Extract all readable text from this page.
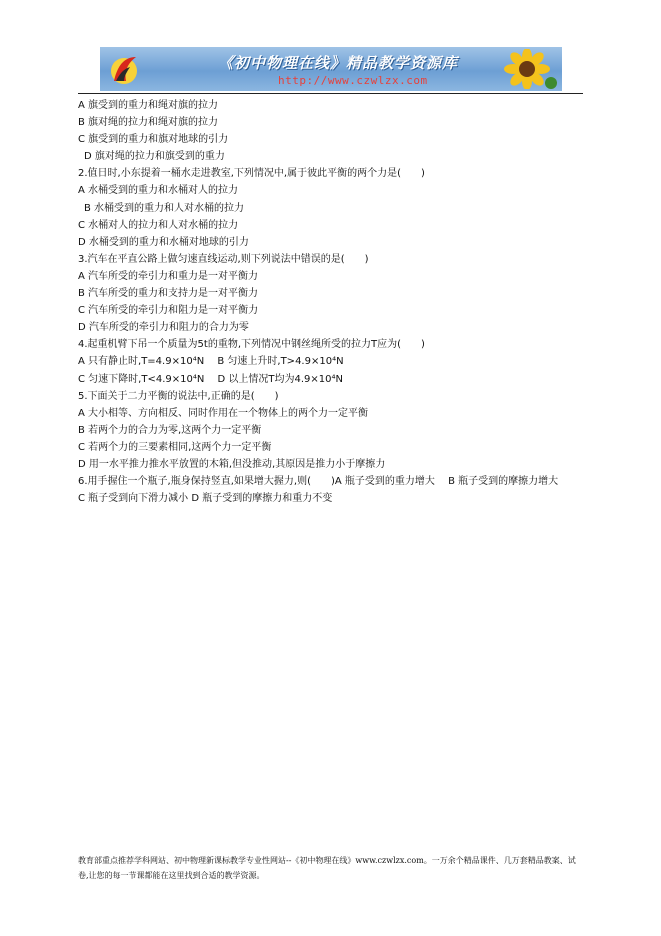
《初中物理在线》精品教学资源库
http://www.czwlzx.com
A 旗受到的重力和绳对旗的拉力
B 旗对绳的拉力和绳对旗的拉力
C 旗受到的重力和旗对地球的引力
D 旗对绳的拉力和旗受到的重力
2.值日时,小东提着一桶水走进教室,下列情况中,属于彼此平衡的两个力是(　　)
A 水桶受到的重力和水桶对人的拉力
B 水桶受到的重力和人对水桶的拉力
C 水桶对人的拉力和人对水桶的拉力
D 水桶受到的重力和水桶对地球的引力
3.汽车在平直公路上做匀速直线运动,则下列说法中错误的是(　　)
A 汽车所受的牵引力和重力是一对平衡力
B 汽车所受的重力和支持力是一对平衡力
C 汽车所受的牵引力和阻力是一对平衡力
D 汽车所受的牵引力和阻力的合力为零
4.起重机臂下吊一个质量为5t的重物,下列情况中钢丝绳所受的拉力T应为(　　)
A 只有静止时,T=4.9×10⁴N　 B 匀速上升时,T>4.9×10⁴N
C 匀速下降时,T<4.9×10⁴N　 D 以上情况T均为4.9×10⁴N
5.下面关于二力平衡的说法中,正确的是(　　)
A 大小相等、方向相反、同时作用在一个物体上的两个力一定平衡
B 若两个力的合力为零,这两个力一定平衡
C 若两个力的三要素相同,这两个力一定平衡
D 用一水平推力推水平放置的木箱,但没推动,其原因是推力小于摩擦力
6.用手握住一个瓶子,瓶身保持竖直,如果增大握力,则(　　)A 瓶子受到的重力增大　 B 瓶子受到的摩擦力增大
C 瓶子受到向下滑力减小 D 瓶子受到的摩擦力和重力不变
教育部重点推荐学科网站、初中物理新课标教学专业性网站--《初中物理在线》www.czwlzx.com。一万余个精品课件、几万套精品教案、试卷,让您的每一节课都能在这里找到合适的教学资源。
